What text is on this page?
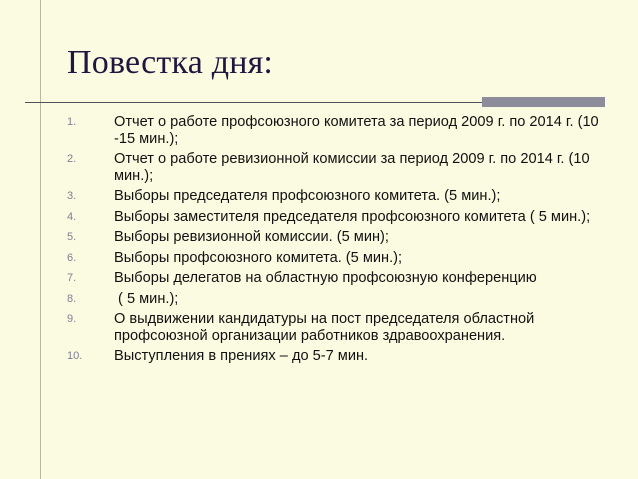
Повестка дня:
1.	Отчет о работе профсоюзного комитета за период 2009 г. по 2014 г. (10 -15 мин.);
2.	Отчет о работе ревизионной комиссии за период 2009 г. по 2014 г. (10 мин.);
3.	Выборы председателя профсоюзного комитета. (5 мин.);
4.	Выборы заместителя председателя профсоюзного комитета ( 5 мин.);
5.	Выборы ревизионной комиссии. (5 мин);
6.	Выборы профсоюзного комитета. (5 мин.);
7.	Выборы делегатов на областную профсоюзную конференцию
8.	( 5 мин.);
9.	О выдвижении кандидатуры на пост председателя областной профсоюзной организации работников здравоохранения.
10. Выступления в прениях – до 5-7 мин.
